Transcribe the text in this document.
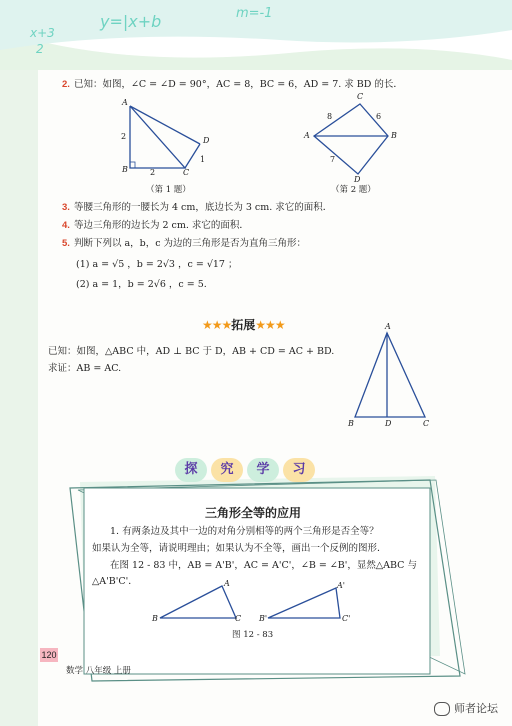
x+3
2
y=|x+b	m=-1
2. 已知：如图，∠C = ∠D = 90°，AC = 8，BC = 6，AD = 7. 求 BD 的长．
A
B	C
D
2
2
1
（第 1 题）
C
A	B
D
8	6
7
（第 2 题）
3. 等腰三角形的一腰长为 4 cm，底边长为 3 cm. 求它的面积．
4. 等边三角形的边长为 2 cm. 求它的面积．
5. 判断下列以 a，b，c 为边的三角形是否为直角三角形：
(1) a = √5 ，b = 2√3 ，c = √17 ；
(2) a = 1，b = 2√6 ，c = 5.
★★★拓展★★★
已知：如图，△ABC 中，AD ⊥ BC 于 D，AB + CD = AC + BD.
求证：AB = AC.
A
B	D	C
探	究	学	习
三角形全等的应用
1. 有两条边及其中一边的对角分别相等的两个三角形是否全等？
如果认为全等，请说明理由；如果认为不全等，画出一个反例的图形．
在图 12 - 83 中，AB = A'B'，AC = A'C'，∠B = ∠B'，显然△ABC 与
△A'B'C'．	A
B	C
A'
B'	C'
图 12 - 83
120
数学 八年级 上册
师者论坛
